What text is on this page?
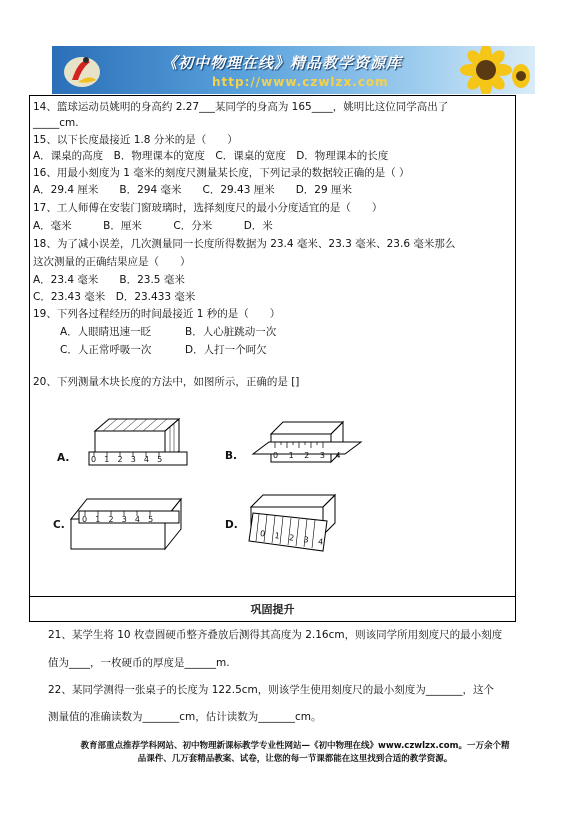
《初中物理在线》精品教学资源库
http://www.czwlzx.com
14、篮球运动员姚明的身高约 2.27___某同学的身高为 165____，姚明比这位同学高出了
_____cm.
15、以下长度最接近 1.8 分米的是（　　）
A．课桌的高度　B．物理课本的宽度　C．课桌的宽度　D．物理课本的长度
16、用最小刻度为 1 毫米的刻度尺测量某长度，下列记录的数据较正确的是（ ）
A．29.4 厘米　　B．294 毫米　　C．29.43 厘米　　D．29 厘米
17、工人师傅在安装门窗玻璃时，选择刻度尺的最小分度适宜的是（　　）
A．毫米　　　B．厘米　　　C．分米　　　D．米
18、为了减小误差，几次测量同一长度所得数据为 23.4 毫米、23.3 毫米、23.6 毫米那么
这次测量的正确结果应是（　　）
A．23.4 毫米　　B．23.5 毫米
C．23.43 毫米　D．23.433 毫米
19、下列各过程经历的时间最接近 1 秒的是（　　）
A．人眼睛迅速一眨	B．人心脏跳动一次
C．人正常呼吸一次	D．人打一个呵欠
20、下列测量木块长度的方法中，如图所示，正确的是 []
A.	0 1 2 3 4 5	B.	0 1 2 3 4
C. 0 1 2 3 4 5	D.
0 1 2 3 4
巩固提升
21、某学生将 10 枚壹圆硬币整齐叠放后测得其高度为 2.16cm，则该同学所用刻度尺的最小刻度
值为____，一枚硬币的厚度是______m.
22、某同学测得一张桌子的长度为 122.5cm，则该学生使用刻度尺的最小刻度为_______，这个
测量值的准确读数为_______cm，估计读数为_______cm。
教育部重点推荐学科网站、初中物理新课标教学专业性网站—《初中物理在线》www.czwlzx.com。一万余个精
品课件、几万套精品教案、试卷，让您的每一节课都能在这里找到合适的教学资源。
